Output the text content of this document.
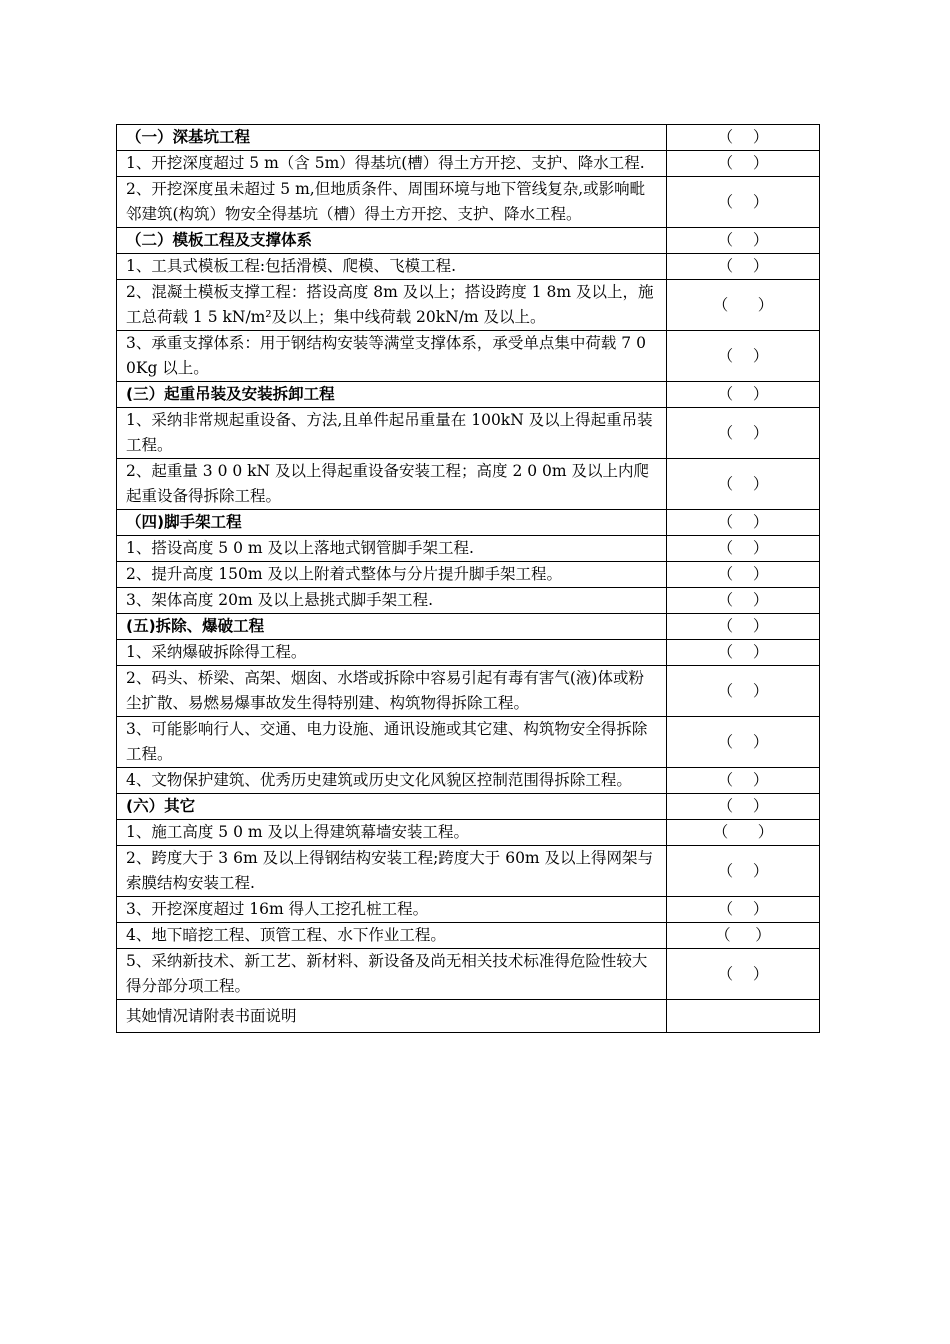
（一）深基坑工程	（    ）
1、开挖深度超过 5 m（含 5m）得基坑(槽）得土方开挖、支护、降水工程.	（    ）
2、开挖深度虽未超过 5 m,但地质条件、周围环境与地下管线复杂,或影响毗邻建筑(构筑）物安全得基坑（槽）得土方开挖、支护、降水工程。	（    ）
（二）模板工程及支撑体系	（    ）
1、工具式模板工程:包括滑模、爬模、飞模工程.	（    ）
2、混凝土模板支撑工程：搭设高度 8m 及以上；搭设跨度 1 8m 及以上，施工总荷载 1 5 kN/m²及以上；集中线荷载 20kN/m 及以上。	（      ）
3、承重支撑体系：用于钢结构安装等满堂支撑体系，承受单点集中荷载 7 0 0Kg 以上。	（    ）
(三）起重吊装及安装拆卸工程	（    ）
1、采纳非常规起重设备、方法,且单件起吊重量在 100kN 及以上得起重吊装工程。	（    ）
2、起重量 3 0 0 kN 及以上得起重设备安装工程；高度 2 0 0m 及以上内爬起重设备得拆除工程。	（    ）
（四)脚手架工程	（    ）
1、搭设高度 5 0 m 及以上落地式钢管脚手架工程.	（    ）
2、提升高度 150m 及以上附着式整体与分片提升脚手架工程。	（    ）
3、架体高度 20m 及以上悬挑式脚手架工程.	（    ）
(五)拆除、爆破工程	（    ）
1、采纳爆破拆除得工程。	（    ）
2、码头、桥梁、高架、烟囱、水塔或拆除中容易引起有毒有害气(液)体或粉尘扩散、易燃易爆事故发生得特别建、构筑物得拆除工程。	（    ）
3、可能影响行人、交通、电力设施、通讯设施或其它建、构筑物安全得拆除工程。	（    ）
4、文物保护建筑、优秀历史建筑或历史文化风貌区控制范围得拆除工程。	（    ）
(六）其它	（    ）
1、施工高度 5 0 m 及以上得建筑幕墙安装工程。	（      ）
2、跨度大于 3 6m 及以上得钢结构安装工程;跨度大于 60m 及以上得网架与索膜结构安装工程.	（    ）
3、开挖深度超过 16m 得人工挖孔桩工程。	（    ）
4、地下暗挖工程、顶管工程、水下作业工程。	（     ）
5、采纳新技术、新工艺、新材料、新设备及尚无相关技术标准得危险性较大得分部分项工程。	（    ）
其她情况请附表书面说明	
